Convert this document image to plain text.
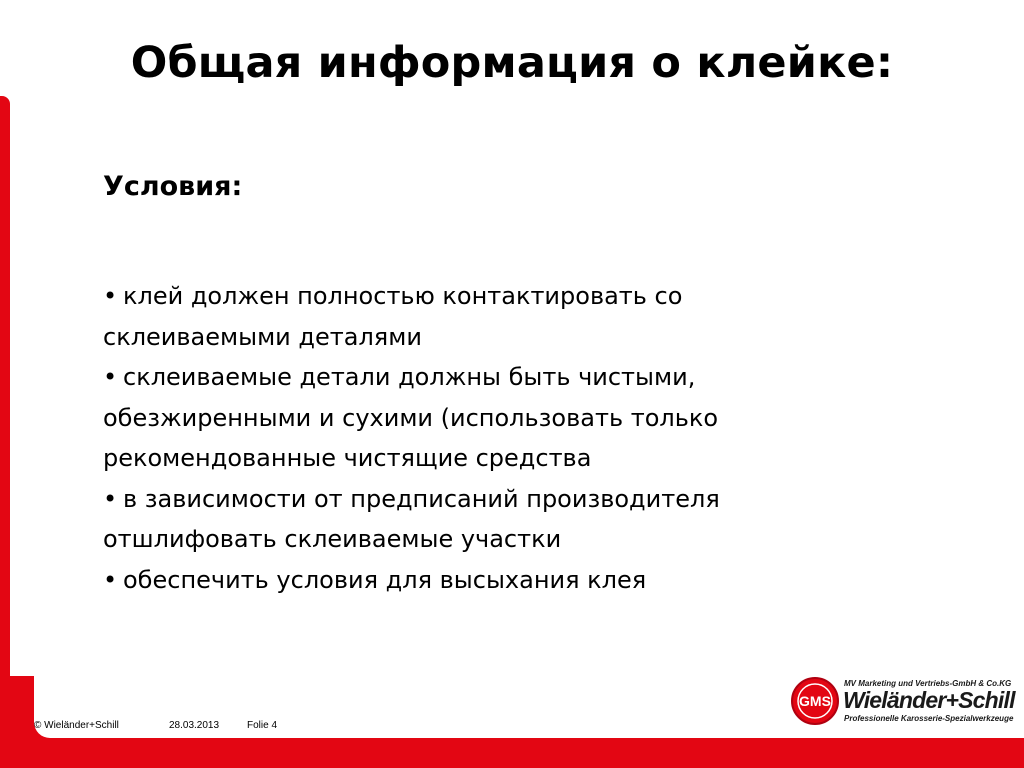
Общая информация о клейке:
Условия:
• клей должен полностью контактировать со
склеиваемыми деталями
• склеиваемые детали должны быть чистыми,
обезжиренными и сухими (использовать только
рекомендованные чистящие средства
• в зависимости от предписаний производителя
отшлифовать склеиваемые участки
• обеспечить условия для высыхания клея
© Wieländer+Schill	28.03.2013	Folie 4
GMS
MV Marketing und Vertriebs-GmbH & Co.KG
Wieländer+Schill
Professionelle Karosserie-Spezialwerkzeuge
